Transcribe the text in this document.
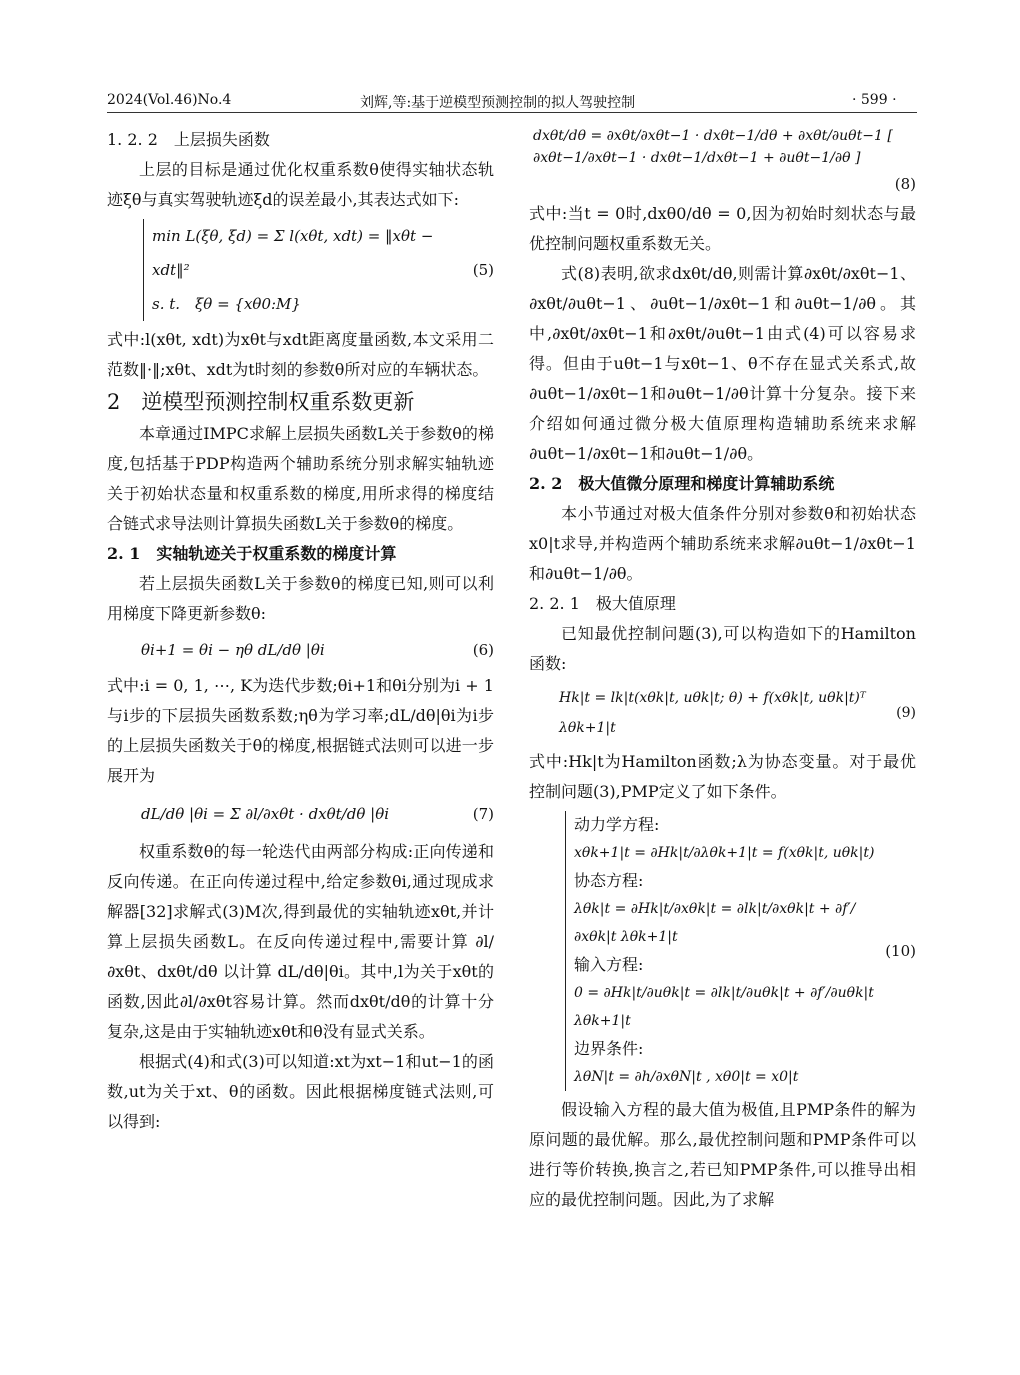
2024(Vol.46)No.4	刘辉,等:基于逆模型预测控制的拟人驾驶控制	· 599 ·

1. 2. 2　上层损失函数

上层的目标是通过优化权重系数θ使得实轴状态轨迹ξθ与真实驾驶轨迹ξd的误差最小,其表达式如下:

min L(ξθ, ξd) = Σ l(xθt, xdt) = ‖xθt − xdt‖²
s. t.　ξθ = {xθ0:M}
(5)

式中:l(xθt, xdt)为xθt与xdt距离度量函数,本文采用二范数‖·‖;xθt、xdt为t时刻的参数θ所对应的车辆状态。

2　逆模型预测控制权重系数更新

本章通过IMPC求解上层损失函数L关于参数θ的梯度,包括基于PDP构造两个辅助系统分别求解实轴轨迹关于初始状态量和权重系数的梯度,用所求得的梯度结合链式求导法则计算损失函数L关于参数θ的梯度。

2. 1　实轴轨迹关于权重系数的梯度计算

若上层损失函数L关于参数θ的梯度已知,则可以利用梯度下降更新参数θ:

θi+1 = θi − ηθ dL/dθ |θi	(6)

式中:i = 0, 1, ⋯, K为迭代步数;θi+1和θi分别为i + 1与i步的下层损失函数系数;ηθ为学习率;dL/dθ|θi为i步的上层损失函数关于θ的梯度,根据链式法则可以进一步展开为

dL/dθ |θi = Σ ∂l/∂xθt · dxθt/dθ |θi	(7)

权重系数θ的每一轮迭代由两部分构成:正向传递和反向传递。在正向传递过程中,给定参数θi,通过现成求解器[32]求解式(3)M次,得到最优的实轴轨迹xθt,并计算上层损失函数L。在反向传递过程中,需要计算 ∂l/∂xθt、dxθt/dθ 以计算 dL/dθ|θi。其中,l为关于xθt的函数,因此∂l/∂xθt容易计算。然而dxθt/dθ的计算十分复杂,这是由于实轴轨迹xθt和θ没有显式关系。

根据式(4)和式(3)可以知道:xt为xt−1和ut−1的函数,ut为关于xt、θ的函数。因此根据梯度链式法则,可以得到:

dxθt/dθ = ∂xθt/∂xθt−1 · dxθt−1/dθ + ∂xθt/∂uθt−1 [ ∂xθt−1/∂xθt−1 · dxθt−1/dxθt−1 + ∂uθt−1/∂θ ]
(8)

式中:当t = 0时,dxθ0/dθ = 0,因为初始时刻状态与最优控制问题权重系数无关。

式(8)表明,欲求dxθt/dθ,则需计算∂xθt/∂xθt−1、∂xθt/∂uθt−1、∂uθt−1/∂xθt−1和∂uθt−1/∂θ。其中,∂xθt/∂xθt−1和∂xθt/∂uθt−1由式(4)可以容易求得。但由于uθt−1与xθt−1、θ不存在显式关系式,故∂uθt−1/∂xθt−1和∂uθt−1/∂θ计算十分复杂。接下来介绍如何通过微分极大值原理构造辅助系统来求解∂uθt−1/∂xθt−1和∂uθt−1/∂θ。

2. 2　极大值微分原理和梯度计算辅助系统

本小节通过对极大值条件分别对参数θ和初始状态x0|t求导,并构造两个辅助系统来求解∂uθt−1/∂xθt−1和∂uθt−1/∂θ。

2. 2. 1　极大值原理

已知最优控制问题(3),可以构造如下的Hamilton函数:

Hk|t = lk|t(xθk|t, uθk|t; θ) + f(xθk|t, uθk|t)ᵀ λθk+1|t
(9)

式中:Hk|t为Hamilton函数;λ为协态变量。对于最优控制问题(3),PMP定义了如下条件。

动力学方程:
xθk+1|t = ∂Hk|t/∂λθk+1|t = f(xθk|t, uθk|t)
协态方程:
λθk|t = ∂Hk|t/∂xθk|t = ∂lk|t/∂xθk|t + ∂f′/∂xθk|t λθk+1|t
输入方程:
0 = ∂Hk|t/∂uθk|t = ∂lk|t/∂uθk|t + ∂f′/∂uθk|t λθk+1|t
边界条件:
λθN|t = ∂h/∂xθN|t , xθ0|t = x0|t
(10)

假设输入方程的最大值为极值,且PMP条件的解为原问题的最优解。那么,最优控制问题和PMP条件可以进行等价转换,换言之,若已知PMP条件,可以推导出相应的最优控制问题。因此,为了求解
